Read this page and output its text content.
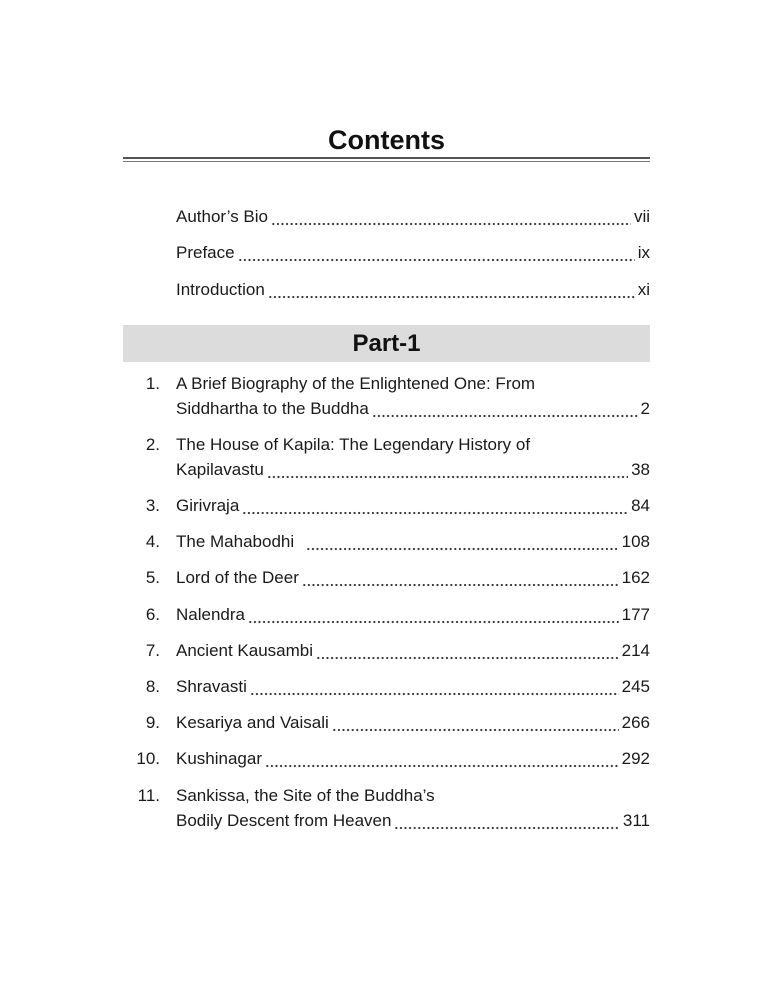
Contents
Author’s Bio	vii
Preface	ix
Introduction	xi
Part-1
1. A Brief Biography of the Enlightened One: From
Siddhartha to the Buddha	2
2. The House of Kapila: The Legendary History of
Kapilavastu	38
3. Girivraja	84
4. The Mahabodhi	108
5. Lord of the Deer	162
6. Nalendra	177
7. Ancient Kausambi	214
8. Shravasti	245
9. Kesariya and Vaisali	266
10. Kushinagar	292
11. Sankissa, the Site of the Buddha’s
Bodily Descent from Heaven	311
